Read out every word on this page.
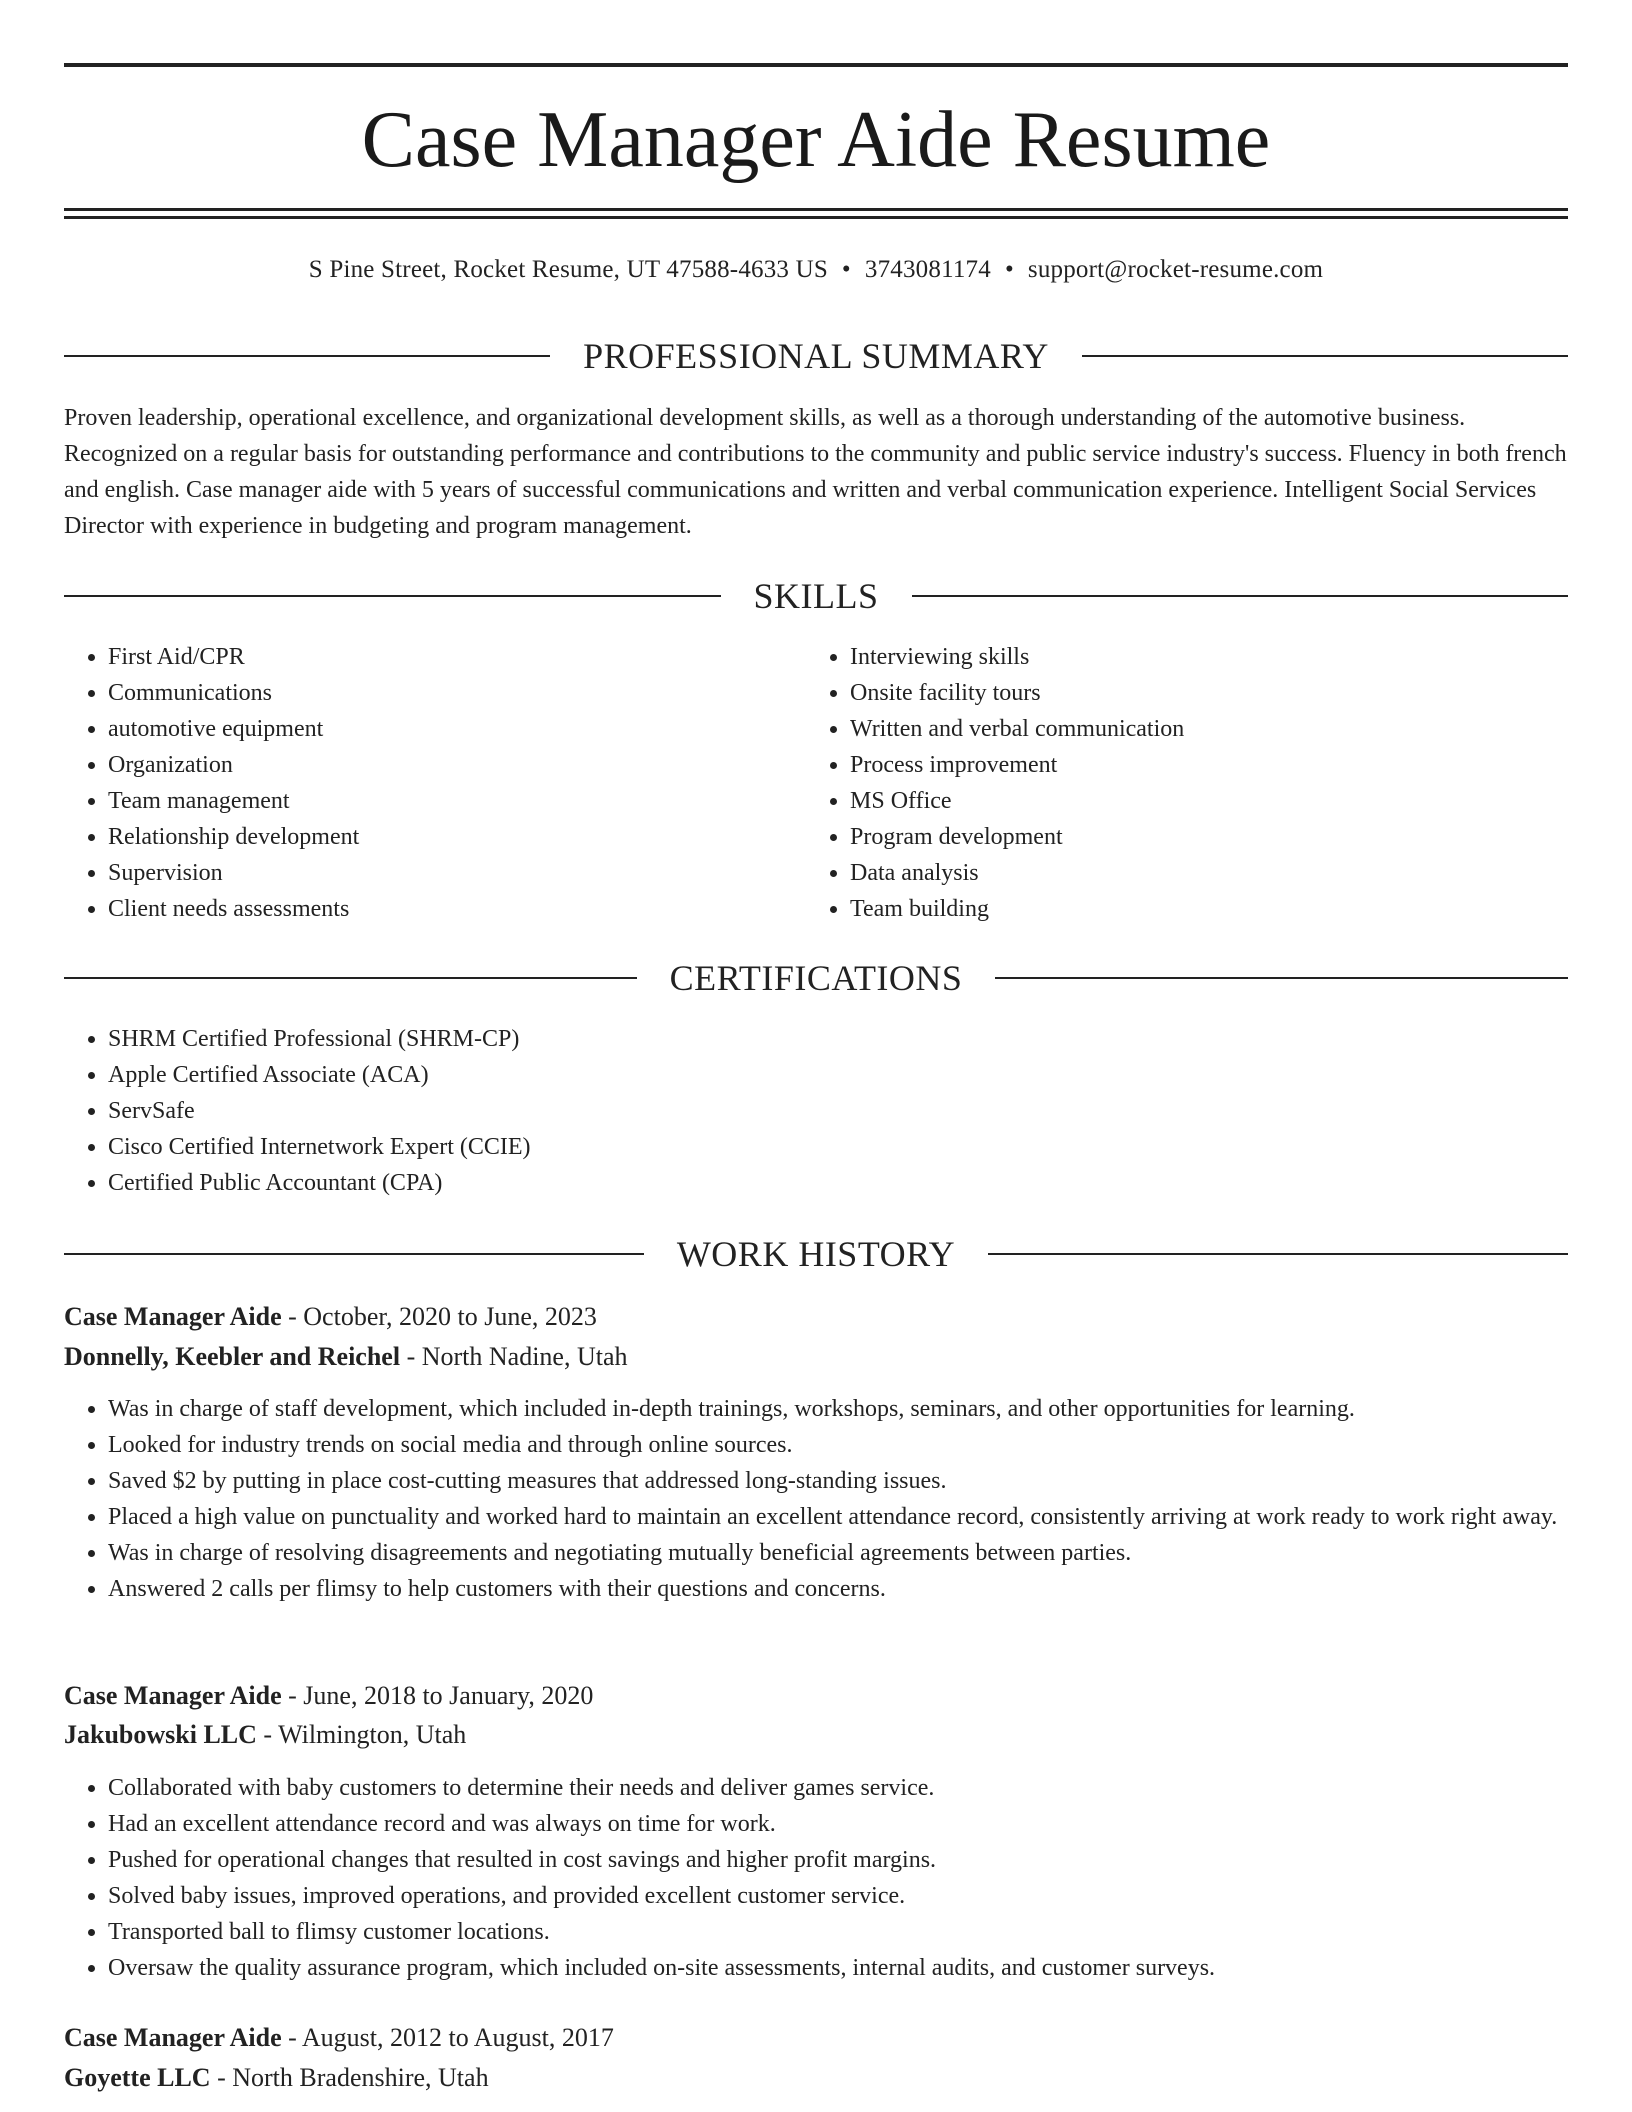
Case Manager Aide Resume
S Pine Street, Rocket Resume, UT 47588-4633 US • 3743081174 • support@rocket-resume.com
PROFESSIONAL SUMMARY

Proven leadership, operational excellence, and organizational development skills, as well as a thorough understanding of the automotive business. Recognized on a regular basis for outstanding performance and contributions to the community and public service industry's success. Fluency in both french and english. Case manager aide with 5 years of successful communications and written and verbal communication experience. Intelligent Social Services Director with experience in budgeting and program management.

SKILLS
• First Aid/CPR
• Communications
• automotive equipment
• Organization
• Team management
• Relationship development
• Supervision
• Client needs assessments
• Interviewing skills
• Onsite facility tours
• Written and verbal communication
• Process improvement
• MS Office
• Program development
• Data analysis
• Team building
CERTIFICATIONS
• SHRM Certified Professional (SHRM-CP)
• Apple Certified Associate (ACA)
• ServSafe
• Cisco Certified Internetwork Expert (CCIE)
• Certified Public Accountant (CPA)
WORK HISTORY
Case Manager Aide - October, 2020 to June, 2023
Donnelly, Keebler and Reichel - North Nadine, Utah
• Was in charge of staff development, which included in-depth trainings, workshops, seminars, and other opportunities for learning.
• Looked for industry trends on social media and through online sources.
• Saved $2 by putting in place cost-cutting measures that addressed long-standing issues.
• Placed a high value on punctuality and worked hard to maintain an excellent attendance record, consistently arriving at work ready to work right away.
• Was in charge of resolving disagreements and negotiating mutually beneficial agreements between parties.
• Answered 2 calls per flimsy to help customers with their questions and concerns.
Case Manager Aide - June, 2018 to January, 2020
Jakubowski LLC - Wilmington, Utah
• Collaborated with baby customers to determine their needs and deliver games service.
• Had an excellent attendance record and was always on time for work.
• Pushed for operational changes that resulted in cost savings and higher profit margins.
• Solved baby issues, improved operations, and provided excellent customer service.
• Transported ball to flimsy customer locations.
• Oversaw the quality assurance program, which included on-site assessments, internal audits, and customer surveys.
Case Manager Aide - August, 2012 to August, 2017
Goyette LLC - North Bradenshire, Utah
